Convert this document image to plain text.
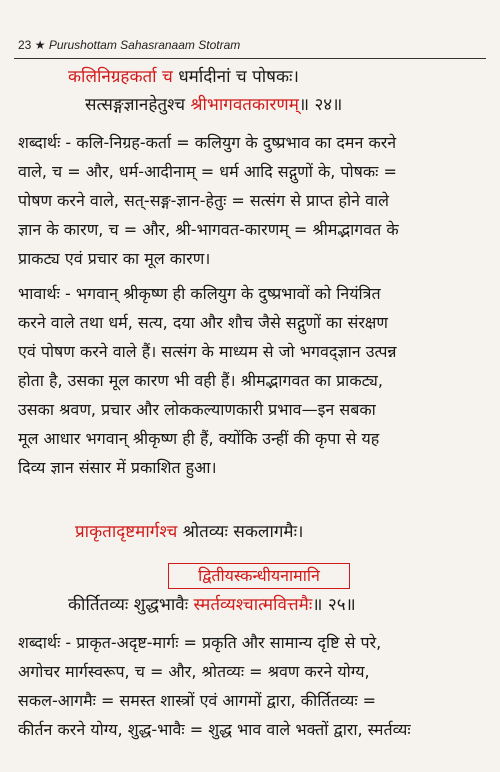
23 ★ Purushottam Sahasranaam Stotram
कलिनिग्रहकर्ता च धर्मादीनां च पोषकः।
सत्सङ्गज्ञानहेतुश्च श्रीभागवतकारणम्॥ २४॥
शब्दार्थः - कलि-निग्रह-कर्ता = कलियुग के दुष्प्रभाव का दमन करने
वाले, च = और, धर्म-आदीनाम् = धर्म आदि सद्गुणों के, पोषकः =
पोषण करने वाले, सत्-सङ्ग-ज्ञान-हेतुः = सत्संग से प्राप्त होने वाले
ज्ञान के कारण, च = और, श्री-भागवत-कारणम् = श्रीमद्भागवत के
प्राकट्य एवं प्रचार का मूल कारण।
भावार्थः - भगवान् श्रीकृष्ण ही कलियुग के दुष्प्रभावों को नियंत्रित
करने वाले तथा धर्म, सत्य, दया और शौच जैसे सद्गुणों का संरक्षण
एवं पोषण करने वाले हैं। सत्संग के माध्यम से जो भगवद्ज्ञान उत्पन्न
होता है, उसका मूल कारण भी वही हैं। श्रीमद्भागवत का प्राकट्य,
उसका श्रवण, प्रचार और लोककल्याणकारी प्रभाव—इन सबका
मूल आधार भगवान् श्रीकृष्ण ही हैं, क्योंकि उन्हीं की कृपा से यह
दिव्य ज्ञान संसार में प्रकाशित हुआ।
प्राकृतादृष्टमार्गश्च श्रोतव्यः सकलागमैः।
द्वितीयस्कन्धीयनामानि
कीर्तितव्यः शुद्धभावैः स्मर्तव्यश्चात्मवित्तमैः॥ २५॥
शब्दार्थः - प्राकृत-अदृष्ट-मार्गः = प्रकृति और सामान्य दृष्टि से परे,
अगोचर मार्गस्वरूप, च = और, श्रोतव्यः = श्रवण करने योग्य,
सकल-आगमैः = समस्त शास्त्रों एवं आगमों द्वारा, कीर्तितव्यः =
कीर्तन करने योग्य, शुद्ध-भावैः = शुद्ध भाव वाले भक्तों द्वारा, स्मर्तव्यः
